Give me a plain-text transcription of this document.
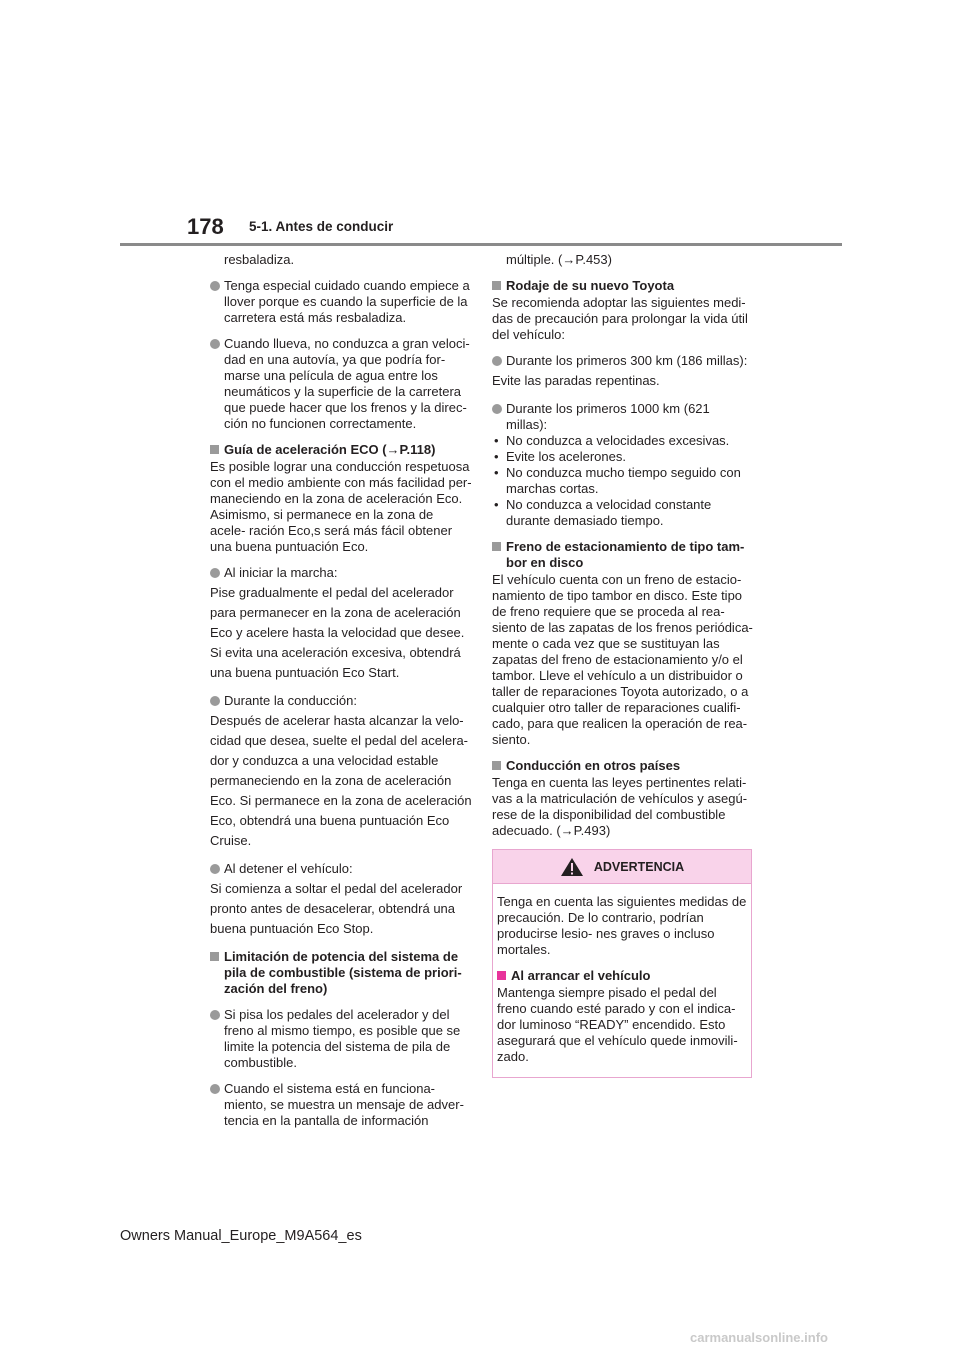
178 5-1. Antes de conducir

resbaladiza.

Tenga especial cuidado cuando empiece a llover porque es cuando la superficie de la carretera está más resbaladiza.

Cuando llueva, no conduzca a gran veloci- dad en una autovía, ya que podría for- marse una película de agua entre los neumáticos y la superficie de la carretera que puede hacer que los frenos y la direc- ción no funcionen correctamente.

Guía de aceleración ECO (→P.118)

Es posible lograr una conducción respetuosa con el medio ambiente con más facilidad per- maneciendo en la zona de aceleración Eco. Asimismo, si permanece en la zona de acele- ración Eco,s será más fácil obtener una buena puntuación Eco.

Al iniciar la marcha:

Pise gradualmente el pedal del acelerador para permanecer en la zona de aceleración Eco y acelere hasta la velocidad que desee. Si evita una aceleración excesiva, obtendrá una buena puntuación Eco Start.

Durante la conducción:

Después de acelerar hasta alcanzar la velo- cidad que desea, suelte el pedal del acelera- dor y conduzca a una velocidad estable permaneciendo en la zona de aceleración Eco. Si permanece en la zona de aceleración Eco, obtendrá una buena puntuación Eco Cruise.

Al detener el vehículo:

Si comienza a soltar el pedal del acelerador pronto antes de desacelerar, obtendrá una buena puntuación Eco Stop.

Limitación de potencia del sistema de pila de combustible (sistema de priori- zación del freno)

Si pisa los pedales del acelerador y del freno al mismo tiempo, es posible que se limite la potencia del sistema de pila de combustible.

Cuando el sistema está en funciona- miento, se muestra un mensaje de adver- tencia en la pantalla de información

múltiple. (→P.453)

Rodaje de su nuevo Toyota

Se recomienda adoptar las siguientes medi- das de precaución para prolongar la vida útil del vehículo:

Durante los primeros 300 km (186 millas):

Evite las paradas repentinas.

Durante los primeros 1000 km (621 millas):

• No conduzca a velocidades excesivas.
• Evite los acelerones.
• No conduzca mucho tiempo seguido con marchas cortas.
• No conduzca a velocidad constante durante demasiado tiempo.

Freno de estacionamiento de tipo tam- bor en disco

El vehículo cuenta con un freno de estacio- namiento de tipo tambor en disco. Este tipo de freno requiere que se proceda al rea- siento de las zapatas de los frenos periódica- mente o cada vez que se sustituyan las zapatas del freno de estacionamiento y/o el tambor. Lleve el vehículo a un distribuidor o taller de reparaciones Toyota autorizado, o a cualquier otro taller de reparaciones cualifi- cado, para que realicen la operación de rea- siento.

Conducción en otros países

Tenga en cuenta las leyes pertinentes relati- vas a la matriculación de vehículos y asegú- rese de la disponibilidad del combustible adecuado. (→P.493)

ADVERTENCIA

Tenga en cuenta las siguientes medidas de precaución. De lo contrario, podrían producirse lesio- nes graves o incluso mortales.

Al arrancar el vehículo

Mantenga siempre pisado el pedal del freno cuando esté parado y con el indica- dor luminoso “READY” encendido. Esto asegurará que el vehículo quede inmovili- zado.

Owners Manual_Europe_M9A564_es
carmanualsonline.info
